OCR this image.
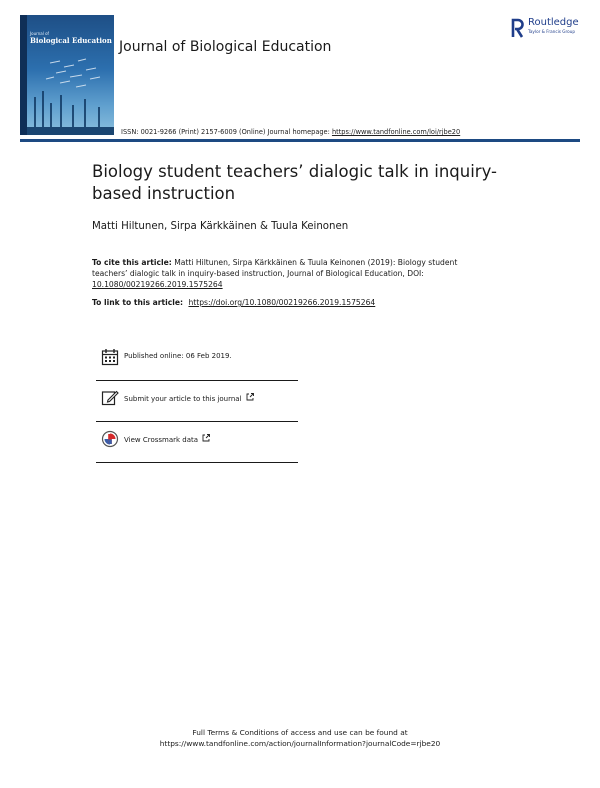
Journal of
Biological Education Journal of Biological Education
Routledge
Taylor & Francis Group
ISSN: 0021-9266 (Print) 2157-6009 (Online) Journal homepage: https://www.tandfonline.com/loi/rjbe20
Biology student teachers’ dialogic talk in inquiry-based instruction
Matti Hiltunen, Sirpa Kärkkäinen & Tuula Keinonen
To cite this article: Matti Hiltunen, Sirpa Kärkkäinen & Tuula Keinonen (2019): Biology student teachers’ dialogic talk in inquiry-based instruction, Journal of Biological Education, DOI: 10.1080/00219266.2019.1575264
To link to this article: https://doi.org/10.1080/00219266.2019.1575264
Published online: 06 Feb 2019.
Submit your article to this journal
View Crossmark data
Full Terms & Conditions of access and use can be found at
https://www.tandfonline.com/action/journalInformation?journalCode=rjbe20
